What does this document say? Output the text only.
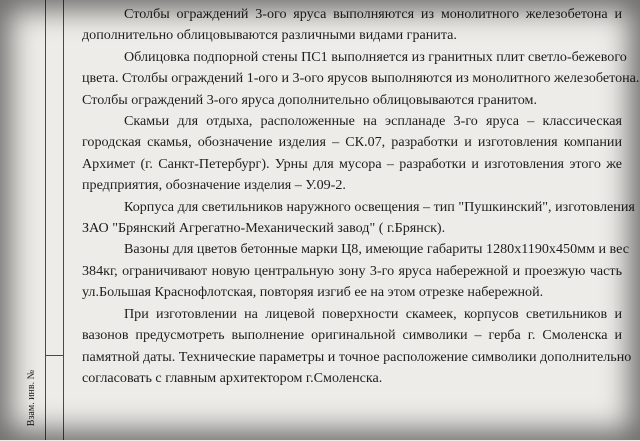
Взам. инв. №

Столбы ограждений 3-ого яруса выполняются из монолитного железобетона и
дополнительно облицовываются различными видами гранита.

Облицовка подпорной стены ПС1 выполняется из гранитных плит светло-бежевого
цвета. Столбы ограждений 1-ого и 3-ого ярусов выполняются из монолитного железобетона.
Столбы ограждений 3-ого яруса дополнительно облицовываются гранитом.

Скамьи для отдыха, расположенные на эспланаде 3-го яруса – классическая
городская скамья, обозначение изделия – СК.07, разработки и изготовления компании
Архимет (г. Санкт-Петербург). Урны для мусора – разработки и изготовления этого же
предприятия, обозначение изделия – У.09-2.

Корпуса для светильников наружного освещения – тип "Пушкинский", изготовления
ЗАО "Брянский Агрегатно-Механический завод" ( г.Брянск).

Вазоны для цветов бетонные марки Ц8, имеющие габариты 1280х1190х450мм и вес
384кг, ограничивают новую центральную зону 3-го яруса набережной и проезжую часть
ул.Большая Краснофлотская, повторяя изгиб ее на этом отрезке набережной.

При изготовлении на лицевой поверхности скамеек, корпусов светильников и
вазонов предусмотреть выполнение оригинальной символики – герба г. Смоленска и
памятной даты. Технические параметры и точное расположение символики дополнительно
согласовать с главным архитектором г.Смоленска.
